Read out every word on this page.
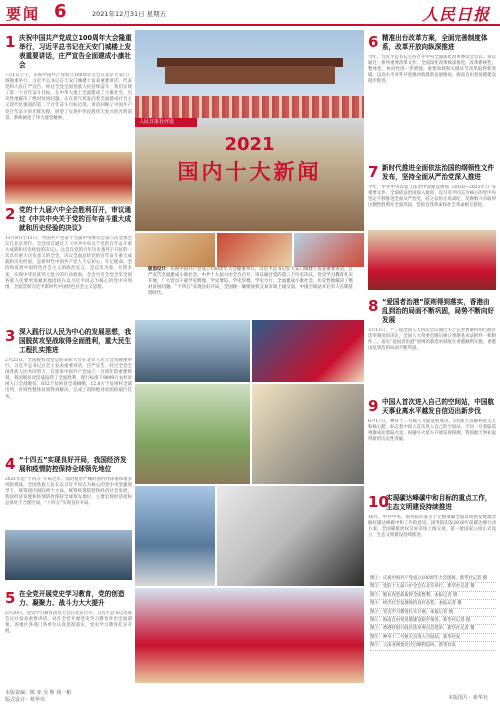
要闻 6	2021年12月31日 星期五	人民日报
1 庆祝中国共产党成立100周年大会隆重举行，习近平总书记在天安门城楼上发表重要讲话，庄严宣告全面建成小康社会
7月1日上午，庆祝中国共产党成立100周年大会在北京天安门广场隆重举行。习近平总书记在天安门城楼上发表重要讲话，代表党和人民庄严宣告，经过全党全国各族人民持续奋斗，我们实现了第一个百年奋斗目标，在中华大地上全面建成了小康社会，历史性地解决了绝对贫困问题，正在意气风发向着全面建成社会主义现代化强国的第二个百年奋斗目标迈进。讲话回顾了中国共产党百年奋斗的光辉历程，展望了实现中华民族伟大复兴的光明前景，系统阐述了伟大建党精神。
2 党的十九届六中全会胜利召开，审议通过《中共中央关于党的百年奋斗重大成就和历史经验的决议》
11月8日至11日，中国共产党第十九届中央委员会第六次全体会议在北京举行。全会审议通过了《中共中央关于党的百年奋斗重大成就和历史经验的决议》。这是在党的百年历史条件下开好的一次具有重大历史意义的全会，决议全面总结党的百年奋斗重大成就和历史经验，是新时代中国共产党人不忘初心、牢记使命、坚持和发展中国特色社会主义的政治宣言，是以史为鉴、开创未来，实现中华民族伟大复兴的行动指南。全会号召全党全军全国各族人民要更加紧密地团结在以习近平同志为核心的党中央周围，全面贯彻习近平新时代中国特色社会主义思想。
3 深入践行以人民为中心的发展思想，我国脱贫攻坚战取得全面胜利，重大民生工程扎实推进
2月25日，全国脱贫攻坚总结表彰大会在北京人民大会堂隆重举行。习近平总书记在会上发表重要讲话，庄严宣告，经过全党全国各族人民共同努力，在迎来中国共产党成立一百周年的重要时刻，我国脱贫攻坚战取得了全面胜利，现行标准下9899万农村贫困人口全部脱贫，832个贫困县全部摘帽，12.8万个贫困村全部出列，区域性整体贫困得到解决，完成了消除绝对贫困的艰巨任务。
4 “十四五”实现良好开局，我国经济发展和疫情防控保持全球领先地位
2021年是“十四五”开局之年。面对复杂严峻的国内外环境和诸多风险挑战，全国各族人民在以习近平同志为核心的党中央坚强领导下，统筹国内国际两个大局，统筹疫情防控和经济社会发展，我国经济发展和疫情防控保持全球领先地位，主要宏观经济指标总体处于合理区间，“十四五”实现良好开局。
5 在全党开展党史学习教育，党的创造力、凝聚力、战斗力大大提升
2月20日，党史学习教育动员大会在北京召开。习近平总书记出席会议并发表重要讲话，对在全党开展党史学习教育作出全面部署。各地区各部门各单位认真贯彻落实，党史学习教育扎实开展。
人民日报社评选
2021
国内十大新闻
版面设计：庆祝中国共产党成立100周年大会隆重举行，习近平总书记在天安门城楼上发表重要讲话，庄严宣告全面建成小康社会。中共十九届六中全会召开，审议通过党的第三个历史决议。党史学习教育扎实开展，广大党员干部学史明理、学史增信、学史崇德、学史力行。全面建成小康社会，历史性地解决了绝对贫困问题。“十四五”实现良好开局，全国统一碳排放权交易市场上线交易，中国空间站开启有人长期驻留时代。
6 精准出台改革方案，全面完善制度体系，改革开放向纵深推进
今年，习近平总书记主持召开中央全面深化改革委员会会议，审议通过一系列重要改革文件。全面深化改革纵深推进，改革系统性、整体性、协同性进一步增强，重要领域和关键环节改革取得新突破。以高水平对外开放推动构建新发展格局，海南自由贸易港建设稳步推进。
7 新时代推进全面依法治国的纲领性文件发布，坚持全面从严治党深入推进
今年，中共中央印发《法治中国建设规划（2020—2025年）》等重要文件，全面依法治国深入推进。以习近平同志为核心的党中央坚定不移推进全面从严治党，持之以恒正风肃纪，反腐败斗争取得压倒性胜利并全面巩固，党的自我革命和社会革命相互促进。
8 “爱国者治港”原则得到落实，香港由乱到治的局面不断巩固，局势不断向好发展
3月11日，十三届全国人大四次会议通过关于完善香港特别行政区选举制度的决定，全国人大常委会随后修订香港基本法附件一和附件二。落实“爱国者治港”原则的新选举制度在香港顺利实施，香港由乱到治的局面不断巩固。
9 中国人首次进入自己的空间站，中国航天事业离水平越发自信迈出新步伐
6月17日，神舟十二号载人飞船发射成功，3名航天员顺利进入天和核心舱，标志着中国人首次进入自己的空间站。天问一号着陆巡视器成功着陆火星，祝融号火星车开展巡视探测，我国航天事业取得新的历史性突破。
10
实现碳达峰碳中和目标的重点工作，生态文明建设持续推进
10月，中共中央、国务院印发关于完整准确全面贯彻新发展理念做好碳达峰碳中和工作的意见，国务院印发2030年前碳达峰行动方案。全国碳排放权交易市场上线交易，第一批国家公园正式设立，生态文明建设持续推进。
图①：庆祝中国共产党成立100周年大会现场。新华社记者 摄
图②：党的十九届六中全会在北京举行。新华社记者 摄
图③：脱贫攻坚战取得全面胜利。本报记者 摄
图④：经济社会发展保持良好态势。本报记者 摄
图⑤：党史学习教育扎实开展。本报记者 摄
图⑥：海南自由贸易港建设稳步推进。新华社记者 摄
图⑦：香港特别行政区选举委员会选举。新华社记者 摄
图⑧：神舟十二号航天员进入空间站。新华社发
图⑨：云南亚洲象北迁后顺利返回。新华社发
本版责编：陈 亚 吴 斯 钱一彬
版式设计：蔡华伟	本版图片：新华社
